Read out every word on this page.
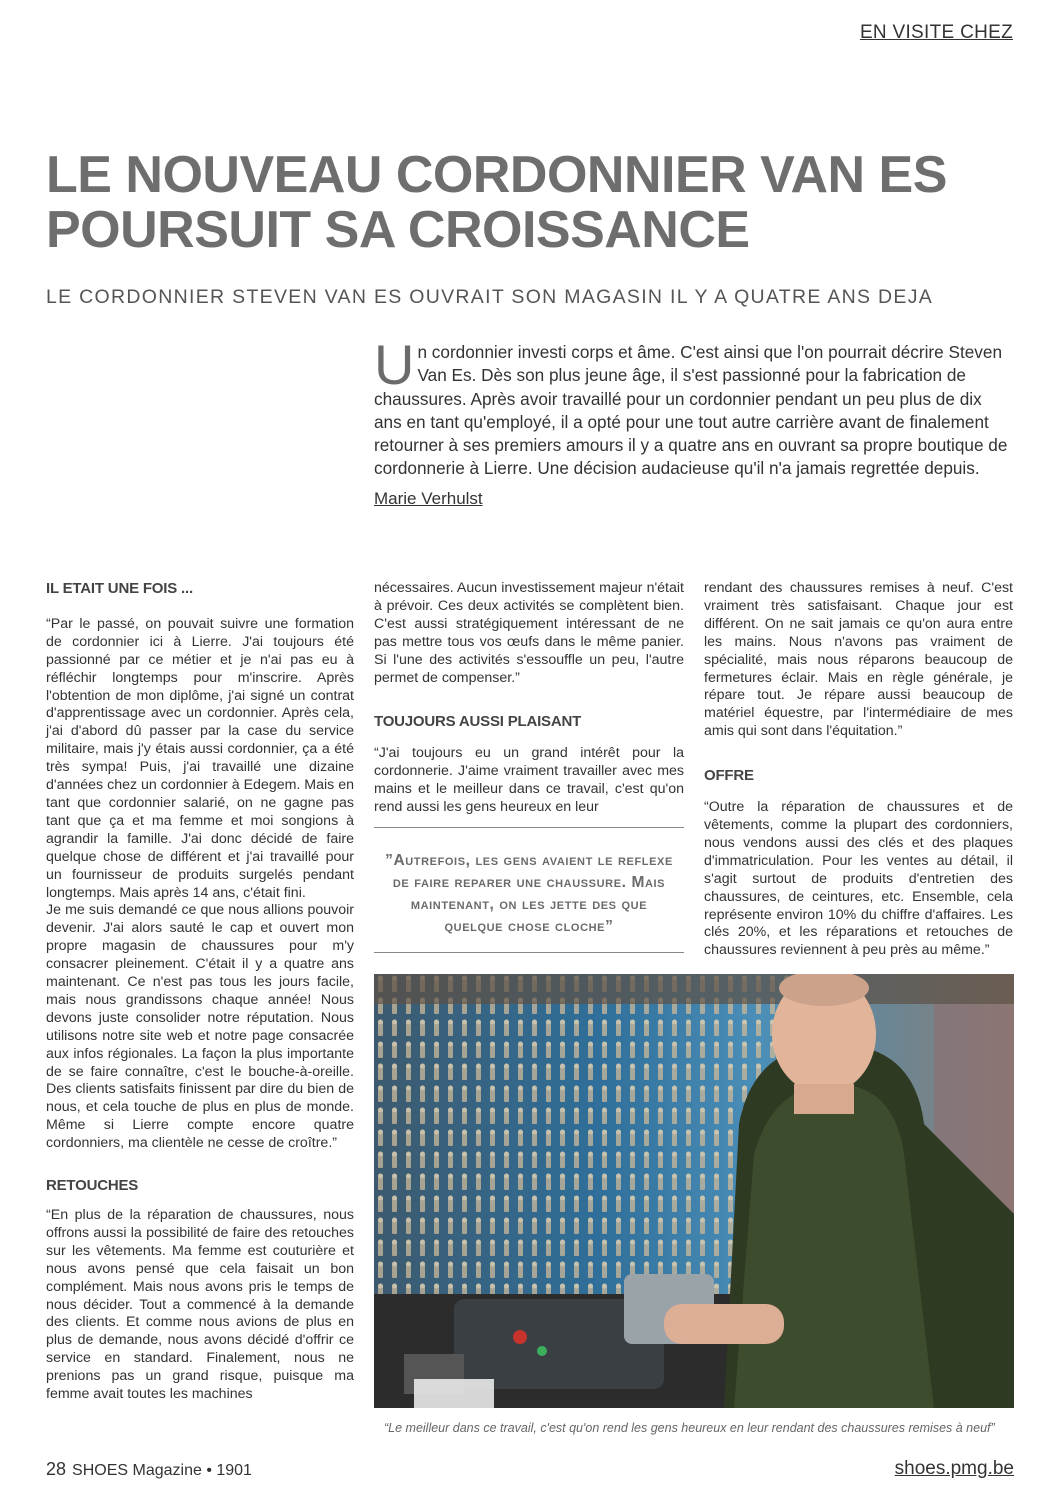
EN VISITE CHEZ
LE NOUVEAU CORDONNIER VAN ES
POURSUIT SA CROISSANCE
LE CORDONNIER STEVEN VAN ES OUVRAIT SON MAGASIN IL Y A QUATRE ANS DEJA
Un cordonnier investi corps et âme. C'est ainsi que l'on pourrait décrire Steven Van Es. Dès son plus jeune âge, il s'est passionné pour la fabrication de chaussures. Après avoir travaillé pour un cordonnier pendant un peu plus de dix ans en tant qu'employé, il a opté pour une tout autre carrière avant de finalement retourner à ses premiers amours il y a quatre ans en ouvrant sa propre boutique de cordonnerie à Lierre. Une décision audacieuse qu'il n'a jamais regrettée depuis.
Marie Verhulst
IL ETAIT UNE FOIS ...

“Par le passé, on pouvait suivre une formation de cordonnier ici à Lierre. J'ai toujours été passionné par ce métier et je n'ai pas eu à réfléchir longtemps pour m'inscrire. Après l'obtention de mon diplôme, j'ai signé un contrat d'apprentissage avec un cordonnier. Après cela, j'ai d'abord dû passer par la case du service militaire, mais j'y étais aussi cordonnier, ça a été très sympa! Puis, j'ai travaillé une dizaine d'années chez un cordonnier à Edegem. Mais en tant que cordonnier salarié, on ne gagne pas tant que ça et ma femme et moi songions à agrandir la famille. J'ai donc décidé de faire quelque chose de différent et j'ai travaillé pour un fournisseur de produits surgelés pendant longtemps. Mais après 14 ans, c'était fini.

Je me suis demandé ce que nous allions pouvoir devenir. J'ai alors sauté le cap et ouvert mon propre magasin de chaussures pour m'y consacrer pleinement. C'était il y a quatre ans maintenant. Ce n'est pas tous les jours facile, mais nous grandissons chaque année! Nous devons juste consolider notre réputation. Nous utilisons notre site web et notre page consacrée aux infos régionales. La façon la plus importante de se faire connaître, c'est le bouche-à-oreille. Des clients satisfaits finissent par dire du bien de nous, et cela touche de plus en plus de monde. Même si Lierre compte encore quatre cordonniers, ma clientèle ne cesse de croître.”

RETOUCHES

“En plus de la réparation de chaussures, nous offrons aussi la possibilité de faire des retouches sur les vêtements. Ma femme est couturière et nous avons pensé que cela faisait un bon complément. Mais nous avons pris le temps de nous décider. Tout a commencé à la demande des clients. Et comme nous avions de plus en plus de demande, nous avons décidé d'offrir ce service en standard. Finalement, nous ne prenions pas un grand risque, puisque ma femme avait toutes les machines

nécessaires. Aucun investissement majeur n'était à prévoir. Ces deux activités se complètent bien. C'est aussi stratégiquement intéressant de ne pas mettre tous vos œufs dans le même panier. Si l'une des activités s'essouffle un peu, l'autre permet de compenser.”

TOUJOURS AUSSI PLAISANT

“J'ai toujours eu un grand intérêt pour la cordonnerie. J'aime vraiment travailler avec mes mains et le meilleur dans ce travail, c'est qu'on rend aussi les gens heureux en leur

”Autrefois, les gens avaient le reflexe de faire reparer une chaussure. Mais maintenant, on les jette des que quelque chose cloche”

rendant des chaussures remises à neuf. C'est vraiment très satisfaisant. Chaque jour est différent. On ne sait jamais ce qu'on aura entre les mains. Nous n'avons pas vraiment de spécialité, mais nous réparons beaucoup de fermetures éclair. Mais en règle générale, je répare tout. Je répare aussi beaucoup de matériel équestre, par l'intermédiaire de mes amis qui sont dans l'équitation.”

OFFRE

“Outre la réparation de chaussures et de vêtements, comme la plupart des cordonniers, nous vendons aussi des clés et des plaques d'immatriculation. Pour les ventes au détail, il s'agit surtout de produits d'entretien des chaussures, de ceintures, etc. Ensemble, cela représente environ 10% du chiffre d'affaires. Les clés 20%, et les réparations et retouches de chaussures reviennent à peu près au même.”

“Le meilleur dans ce travail, c'est qu'on rend les gens heureux en leur rendant des chaussures remises à neuf”
28 SHOES Magazine • 1901	shoes.pmg.be
